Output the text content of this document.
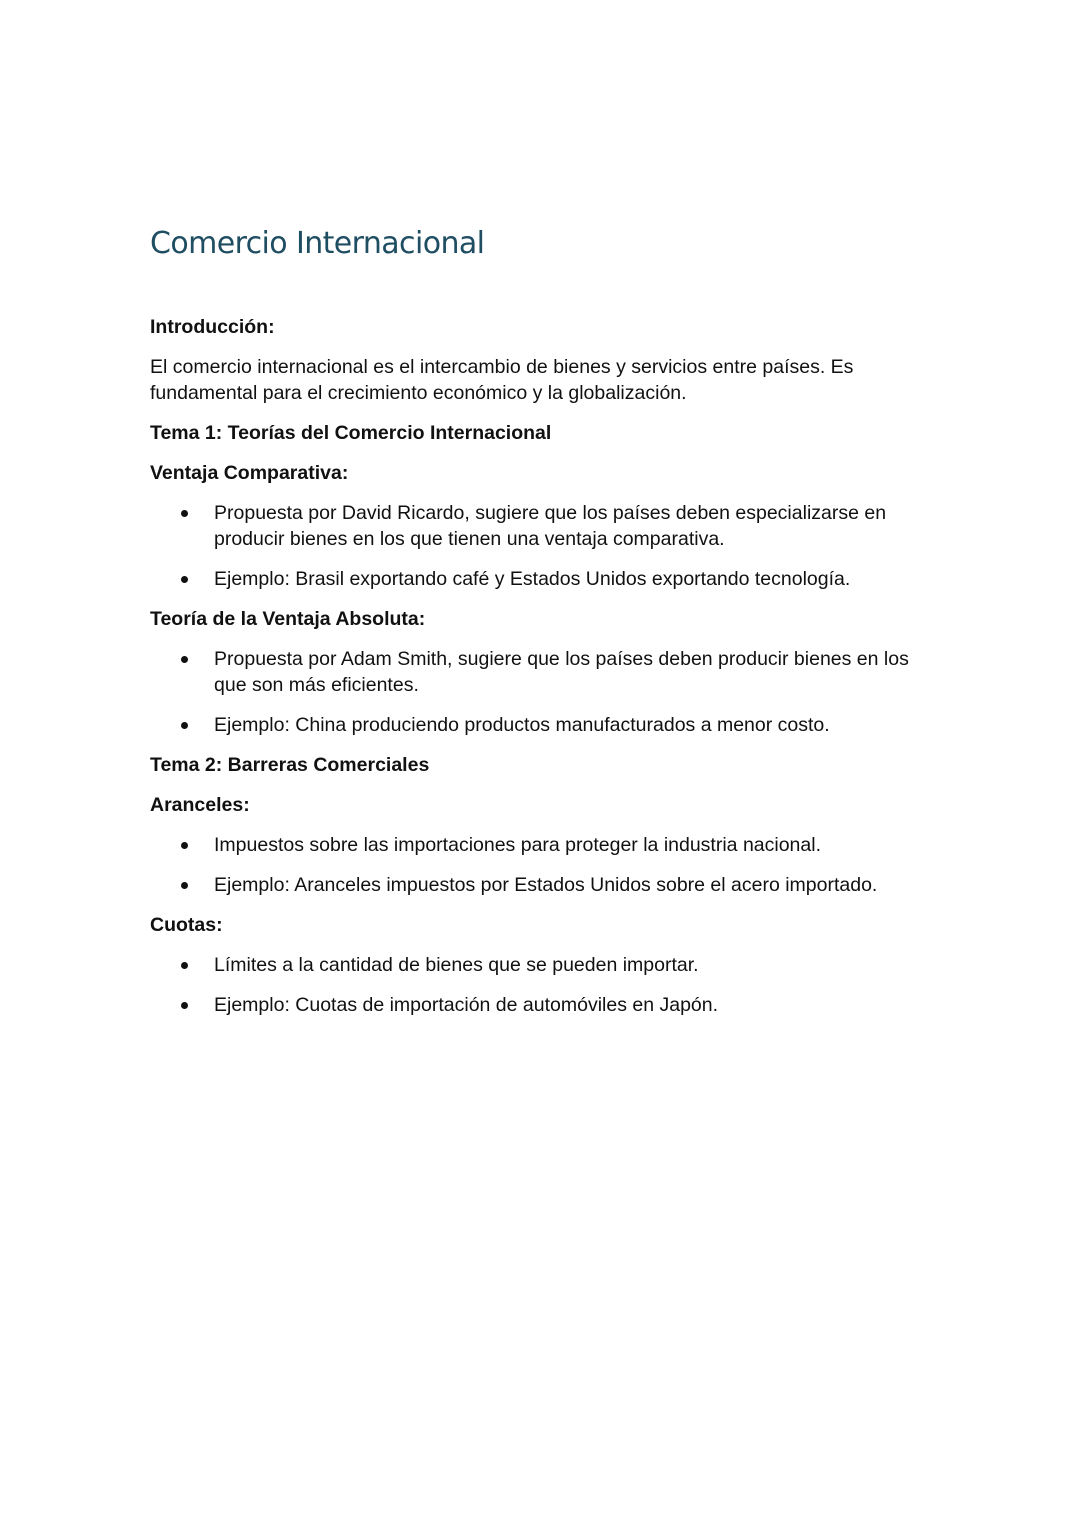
Comercio Internacional

Introducción:

El comercio internacional es el intercambio de bienes y servicios entre países. Es fundamental para el crecimiento económico y la globalización.

Tema 1: Teorías del Comercio Internacional

Ventaja Comparativa:

Propuesta por David Ricardo, sugiere que los países deben especializarse en producir bienes en los que tienen una ventaja comparativa.
Ejemplo: Brasil exportando café y Estados Unidos exportando tecnología.

Teoría de la Ventaja Absoluta:

Propuesta por Adam Smith, sugiere que los países deben producir bienes en los que son más eficientes.
Ejemplo: China produciendo productos manufacturados a menor costo.

Tema 2: Barreras Comerciales

Aranceles:

Impuestos sobre las importaciones para proteger la industria nacional.
Ejemplo: Aranceles impuestos por Estados Unidos sobre el acero importado.

Cuotas:

Límites a la cantidad de bienes que se pueden importar.
Ejemplo: Cuotas de importación de automóviles en Japón.
